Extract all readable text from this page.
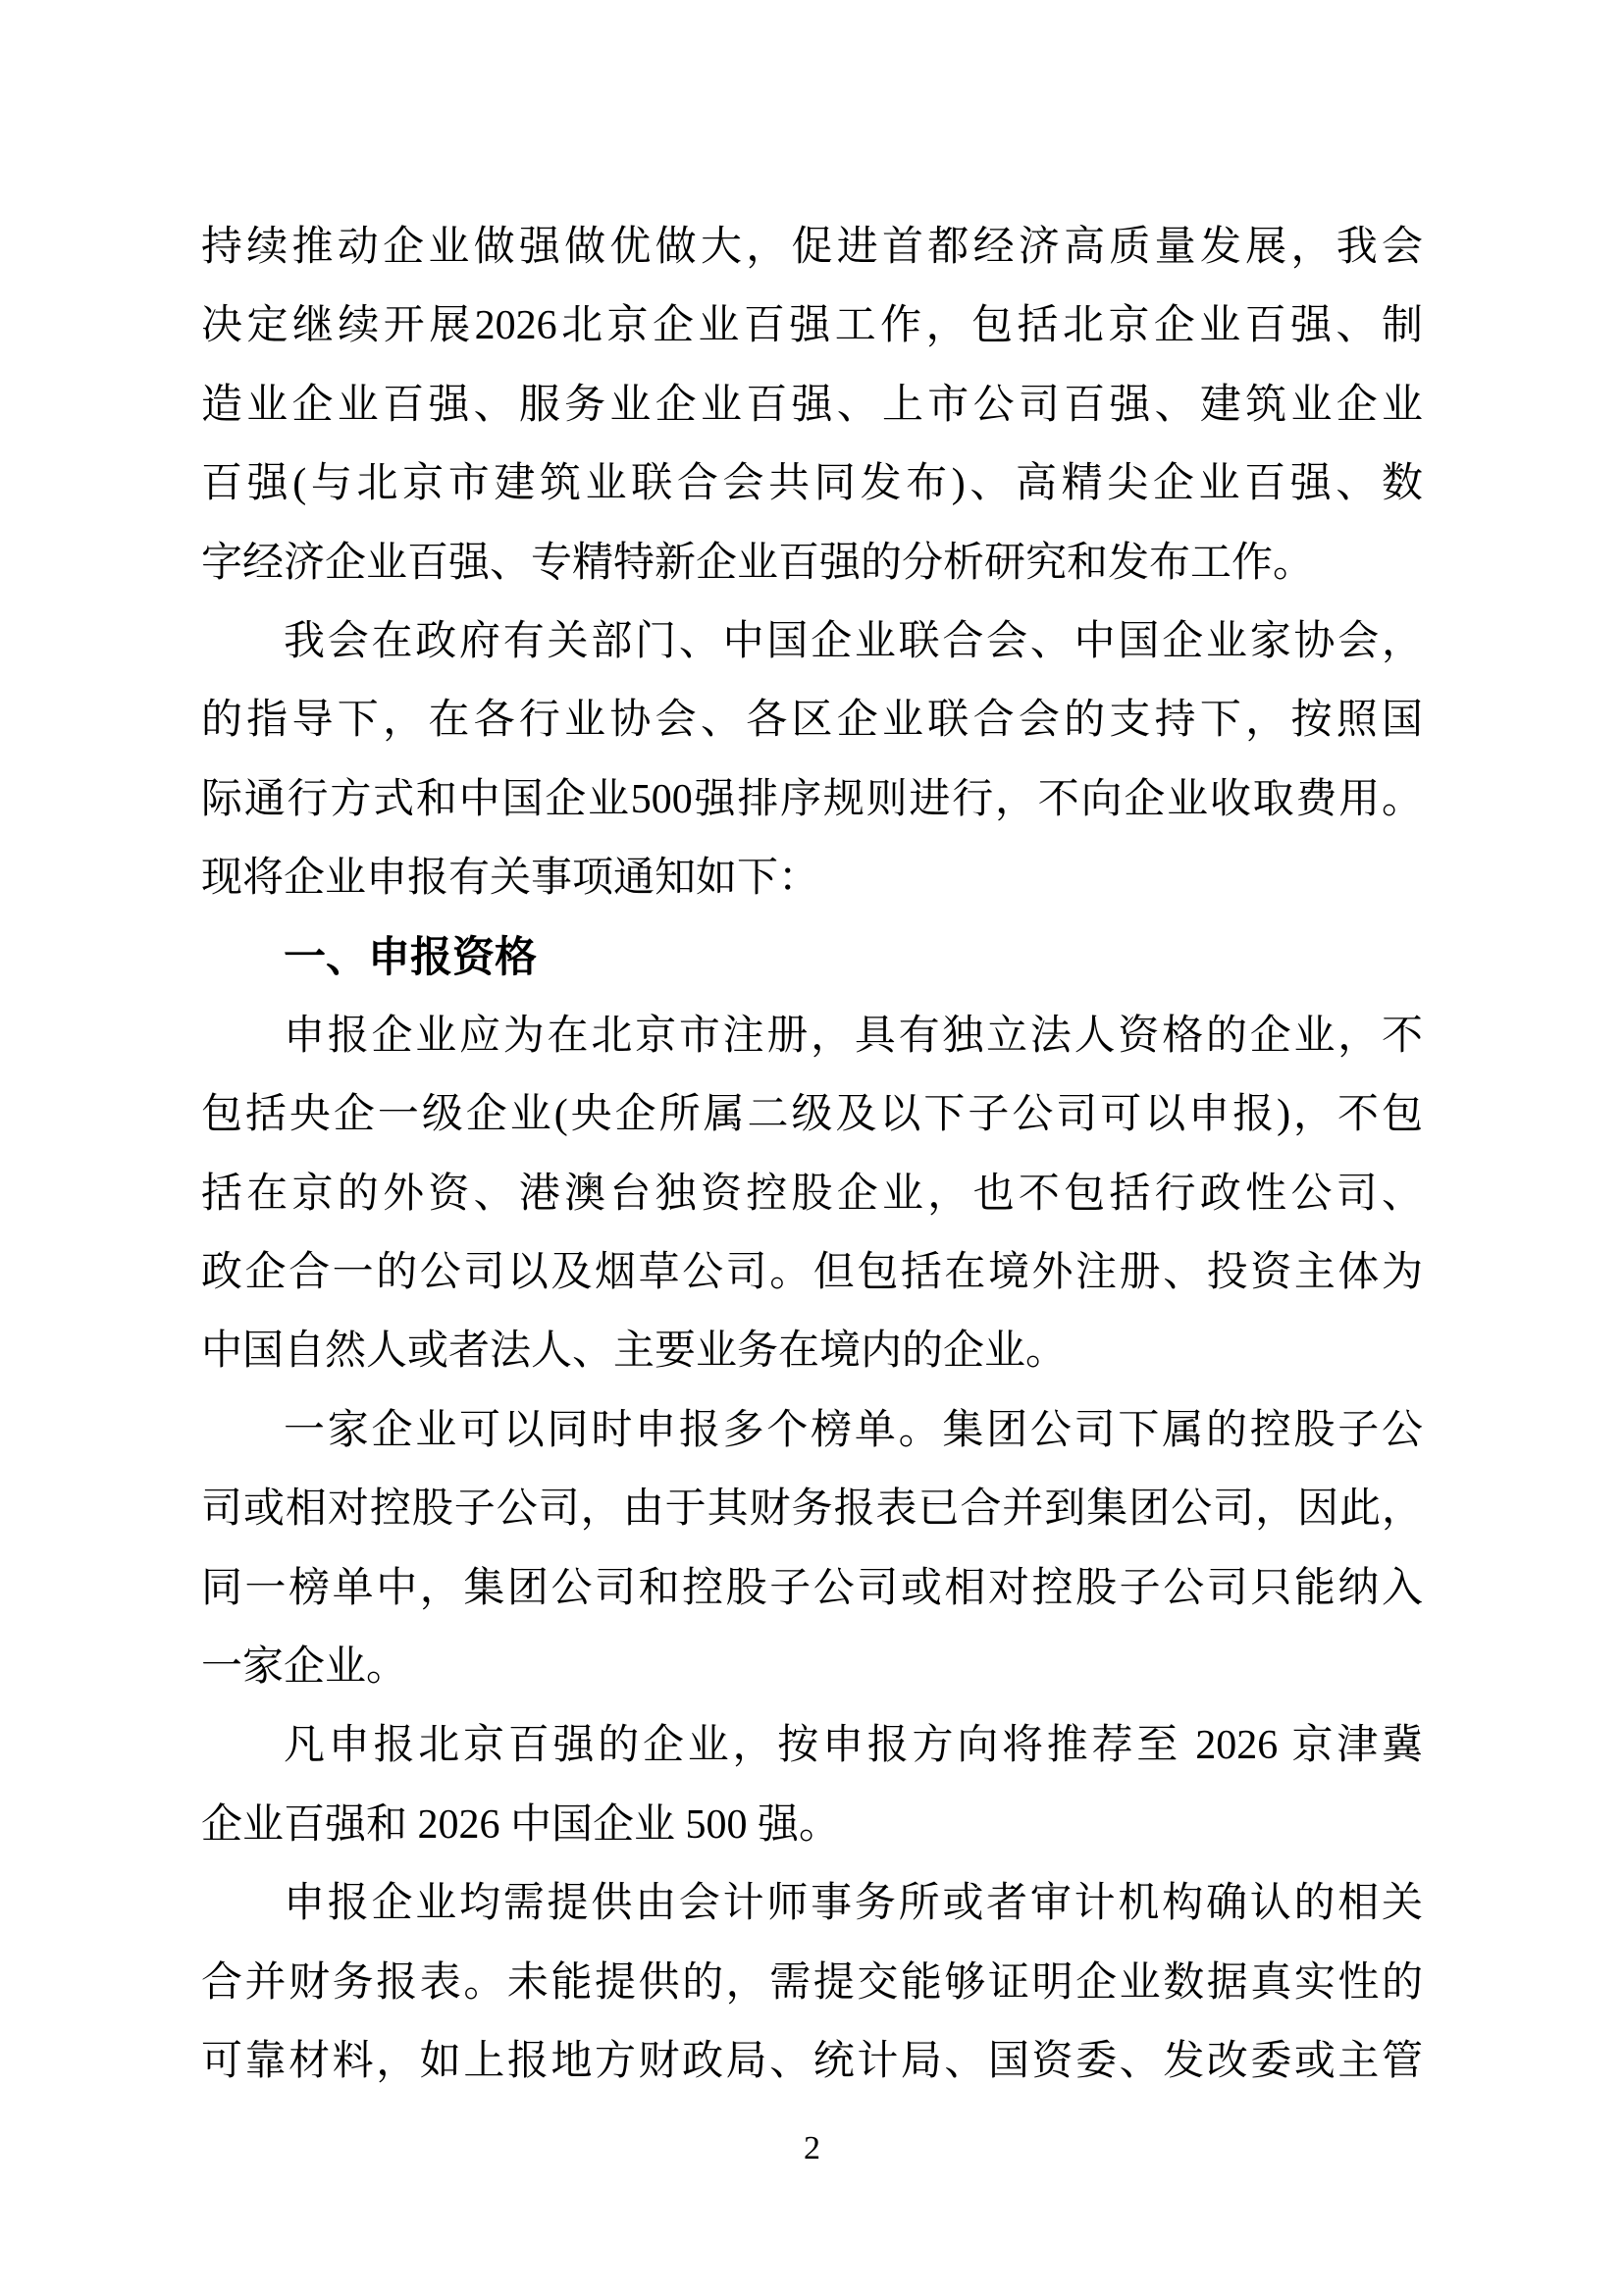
持续推动企业做强做优做大，促进首都经济高质量发展，我会
决定继续开展2026北京企业百强工作，包括北京企业百强、制
造业企业百强、服务业企业百强、上市公司百强、建筑业企业
百强(与北京市建筑业联合会共同发布)、高精尖企业百强、数
字经济企业百强、专精特新企业百强的分析研究和发布工作。
我会在政府有关部门、中国企业联合会、中国企业家协会，
的指导下，在各行业协会、各区企业联合会的支持下，按照国
际通行方式和中国企业500强排序规则进行，不向企业收取费用。
现将企业申报有关事项通知如下：
一、申报资格
申报企业应为在北京市注册，具有独立法人资格的企业，不
包括央企一级企业(央企所属二级及以下子公司可以申报)，不包
括在京的外资、港澳台独资控股企业，也不包括行政性公司、
政企合一的公司以及烟草公司。但包括在境外注册、投资主体为
中国自然人或者法人、主要业务在境内的企业。
一家企业可以同时申报多个榜单。集团公司下属的控股子公
司或相对控股子公司，由于其财务报表已合并到集团公司，因此，
同一榜单中，集团公司和控股子公司或相对控股子公司只能纳入
一家企业。
凡申报北京百强的企业，按申报方向将推荐至 2026 京津冀
企业百强和 2026 中国企业 500 强。
申报企业均需提供由会计师事务所或者审计机构确认的相关
合并财务报表。未能提供的，需提交能够证明企业数据真实性的
可靠材料，如上报地方财政局、统计局、国资委、发改委或主管
2
